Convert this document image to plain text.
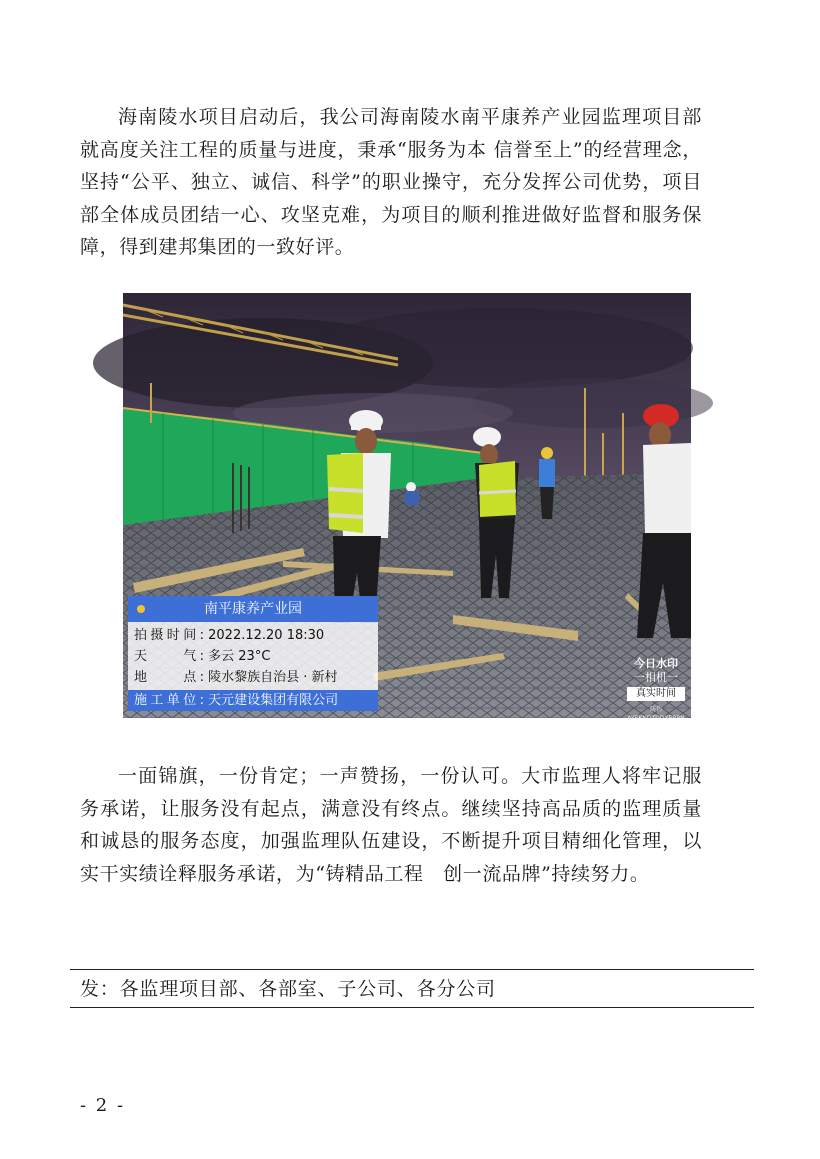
海南陵水项目启动后，我公司海南陵水南平康养产业园监理项目部就高度关注工程的质量与进度，秉承“服务为本 信誉至上”的经营理念，坚持“公平、独立、诚信、科学”的职业操守，充分发挥公司优势，项目部全体成员团结一心、攻坚克难，为项目的顺利推进做好监督和服务保障，得到建邦集团的一致好评。

南平康养产业园
拍摄时间: 2022.12.20 18:30
天　　气: 多云 23°C
地　　点: 陵水黎族自治县 · 新村
施工单位: 天元建设集团有限公司
今日水印
一相机一
真实时间
防伪AYEKNDTDDXERPN

一面锦旗，一份肯定；一声赞扬，一份认可。大市监理人将牢记服务承诺，让服务没有起点，满意没有终点。继续坚持高品质的监理质量和诚恳的服务态度，加强监理队伍建设，不断提升项目精细化管理，以实干实绩诠释服务承诺，为“铸精品工程　创一流品牌”持续努力。

发：各监理项目部、各部室、子公司、各分公司
- 2 -
